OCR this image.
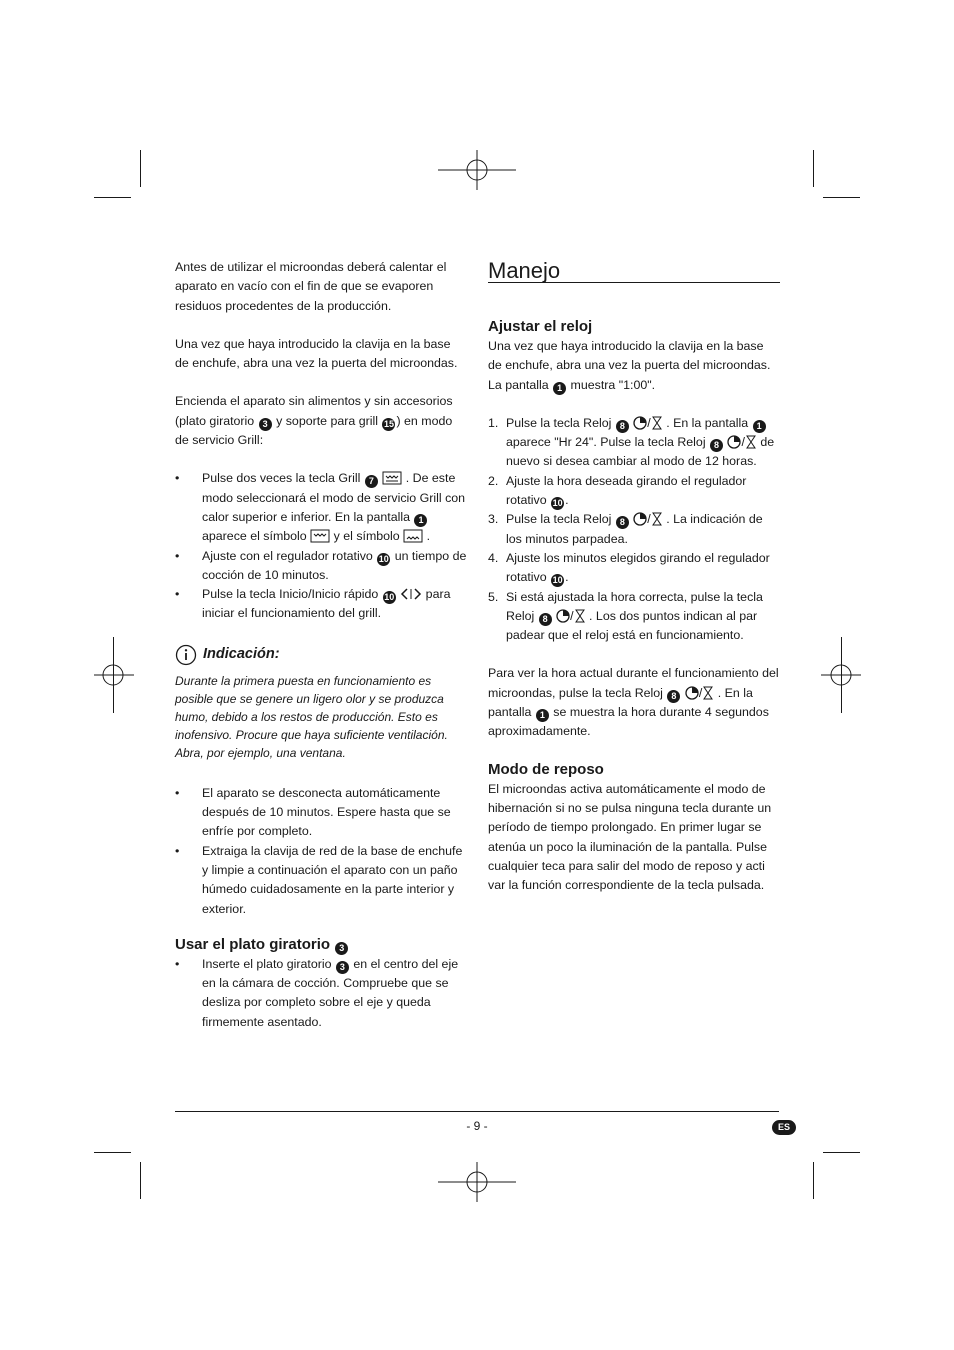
Antes de utilizar el microondas deberá calentar el aparato en vacío con el fin de que se evaporen residuos procedentes de la producción.

Una vez que haya introducido la clavija en la base de enchufe, abra una vez la puerta del microondas.

Encienda el aparato sin alimentos y sin accesorios (plato giratorio 3 y soporte para grill 15 ) en modo de servicio Grill:

• Pulse dos veces la tecla Grill 7	. De este modo seleccionará el modo de servicio Grill con calor superior e inferior. En la pantalla 1 aparece el símbolo  y el símbolo  .
• Ajuste con el regulador rotativo 10 un tiempo de cocción de 10 minutos.
• Pulse la tecla Inicio/Inicio rápido 10	para iniciar el funcionamiento del grill.
Indicación:

Durante la primera puesta en funcionamiento es posible que se genere un ligero olor y se produzca humo, debido a los restos de producción. Esto es inofensivo. Procure que haya suficiente ventilación. Abra, por ejemplo, una ventana.

• El aparato se desconecta automáticamente después de 10 minutos. Espere hasta que se enfríe por completo.
• Extraiga la clavija de red de la base de enchufe y limpie a continuación el aparato con un paño húmedo cuidadosamente en la parte interior y exterior.
Usar el plato giratorio 3
• Inserte el plato giratorio 3 en el centro del eje en la cámara de cocción. Compruebe que se desliza por completo sobre el eje y queda firmemente asentado.
Manejo
Ajustar el reloj

Una vez que haya introducido la clavija en la base de enchufe, abra una vez la puerta del microondas. La pantalla 1 muestra "1:00".

1. Pulse la tecla Reloj 8 / . En la pantalla 1 aparece "Hr 24". Pulse la tecla Reloj 8 / de nuevo si desea cambiar al modo de 12 horas.
2. Ajuste la hora deseada girando el regulador rotativo 10 .
3. Pulse la tecla Reloj 8 / . La indicación de los minutos parpadea.
4. Ajuste los minutos elegidos girando el regulador rotativo 10 .
5. Si está ajustada la hora correcta, pulse la tecla Reloj 8 / . Los dos puntos indican al par padear que el reloj está en funcionamiento.

Para ver la hora actual durante el funcionamiento del microondas, pulse la tecla Reloj 8 / . En la pantalla 1 se muestra la hora durante 4 segundos aproximadamente.

Modo de reposo

El microondas activa automáticamente el modo de hibernación si no se pulsa ninguna tecla durante un período de tiempo prolongado. En primer lugar se atenúa un poco la iluminación de la pantalla. Pulse cualquier teca para salir del modo de reposo y acti var la función correspondiente de la tecla pulsada.

- 9 -	ES
